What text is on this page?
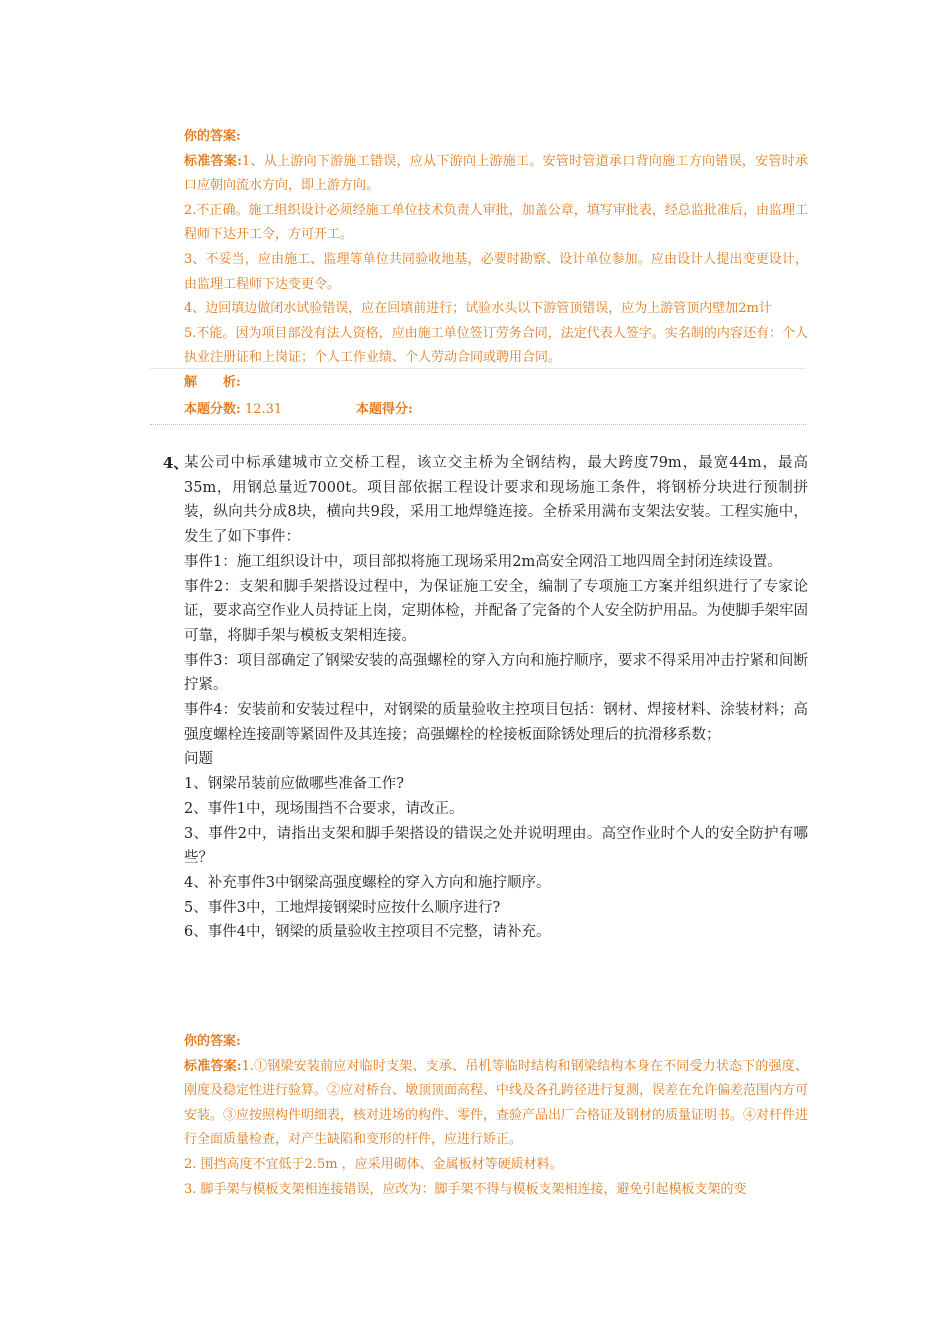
你的答案:

标准答案:1、从上游向下游施工错误，应从下游向上游施工。安管时管道承口背向施工方向错误，安管时承口应朝向流水方向，即上游方向。

2.不正确。施工组织设计必须经施工单位技术负责人审批，加盖公章，填写审批表，经总监批准后，由监理工程师下达开工令，方可开工。

3、不妥当，应由施工、监理等单位共同验收地基，必要时勘察、设计单位参加。应由设计人提出变更设计，由监理工程师下达变更令。

4、边回填边做闭水试验错误，应在回填前进行；试验水头以下游管顶错误，应为上游管顶内壁加2m计

5.不能。因为项目部没有法人资格，应由施工单位签订劳务合同，法定代表人签字。实名制的内容还有：个人执业注册证和上岗证；个人工作业绩、个人劳动合同或聘用合同。

解　　析:

本题分数: 12.31	本题得分:
4、

某公司中标承建城市立交桥工程，该立交主桥为全钢结构，最大跨度79m，最宽44m，最高35m，用钢总量近7000t。项目部依据工程设计要求和现场施工条件，将钢桥分块进行预制拼装，纵向共分成8块，横向共9段，采用工地焊缝连接。全桥采用满布支架法安装。工程实施中，发生了如下事件：

事件1：施工组织设计中，项目部拟将施工现场采用2m高安全网沿工地四周全封闭连续设置。

事件2：支架和脚手架搭设过程中，为保证施工安全，编制了专项施工方案并组织进行了专家论证，要求高空作业人员持证上岗，定期体检，并配备了完备的个人安全防护用品。为使脚手架牢固可靠，将脚手架与模板支架相连接。

事件3：项目部确定了钢梁安装的高强螺栓的穿入方向和施拧顺序，要求不得采用冲击拧紧和间断拧紧。

事件4：安装前和安装过程中，对钢梁的质量验收主控项目包括：钢材、焊接材料、涂装材料；高强度螺栓连接副等紧固件及其连接；高强螺栓的栓接板面除锈处理后的抗滑移系数；

问题

1、钢梁吊装前应做哪些准备工作?

2、事件1中，现场围挡不合要求，请改正。

3、事件2中，请指出支架和脚手架搭设的错误之处并说明理由。高空作业时个人的安全防护有哪些？

4、补充事件3中钢梁高强度螺栓的穿入方向和施拧顺序。

5、事件3中，工地焊接钢梁时应按什么顺序进行?

6、事件4中，钢梁的质量验收主控项目不完整，请补充。

你的答案:

标准答案:1.①钢梁安装前应对临时支架、支承、吊机等临时结构和钢梁结构本身在不同受力状态下的强度、刚度及稳定性进行验算。②应对桥台、墩顶顶面高程、中线及各孔跨径进行复测，误差在允许偏差范围内方可安装。③应按照构件明细表，核对进场的构件、零件，查验产品出厂合格证及钢材的质量证明书。④对杆件进行全面质量检查，对产生缺陷和变形的杆件，应进行矫正。

2. 围挡高度不宜低于2.5m ，应采用砌体、金属板材等硬质材料。

3. 脚手架与模板支架相连接错误，应改为：脚手架不得与模板支架相连接，避免引起模板支架的变
